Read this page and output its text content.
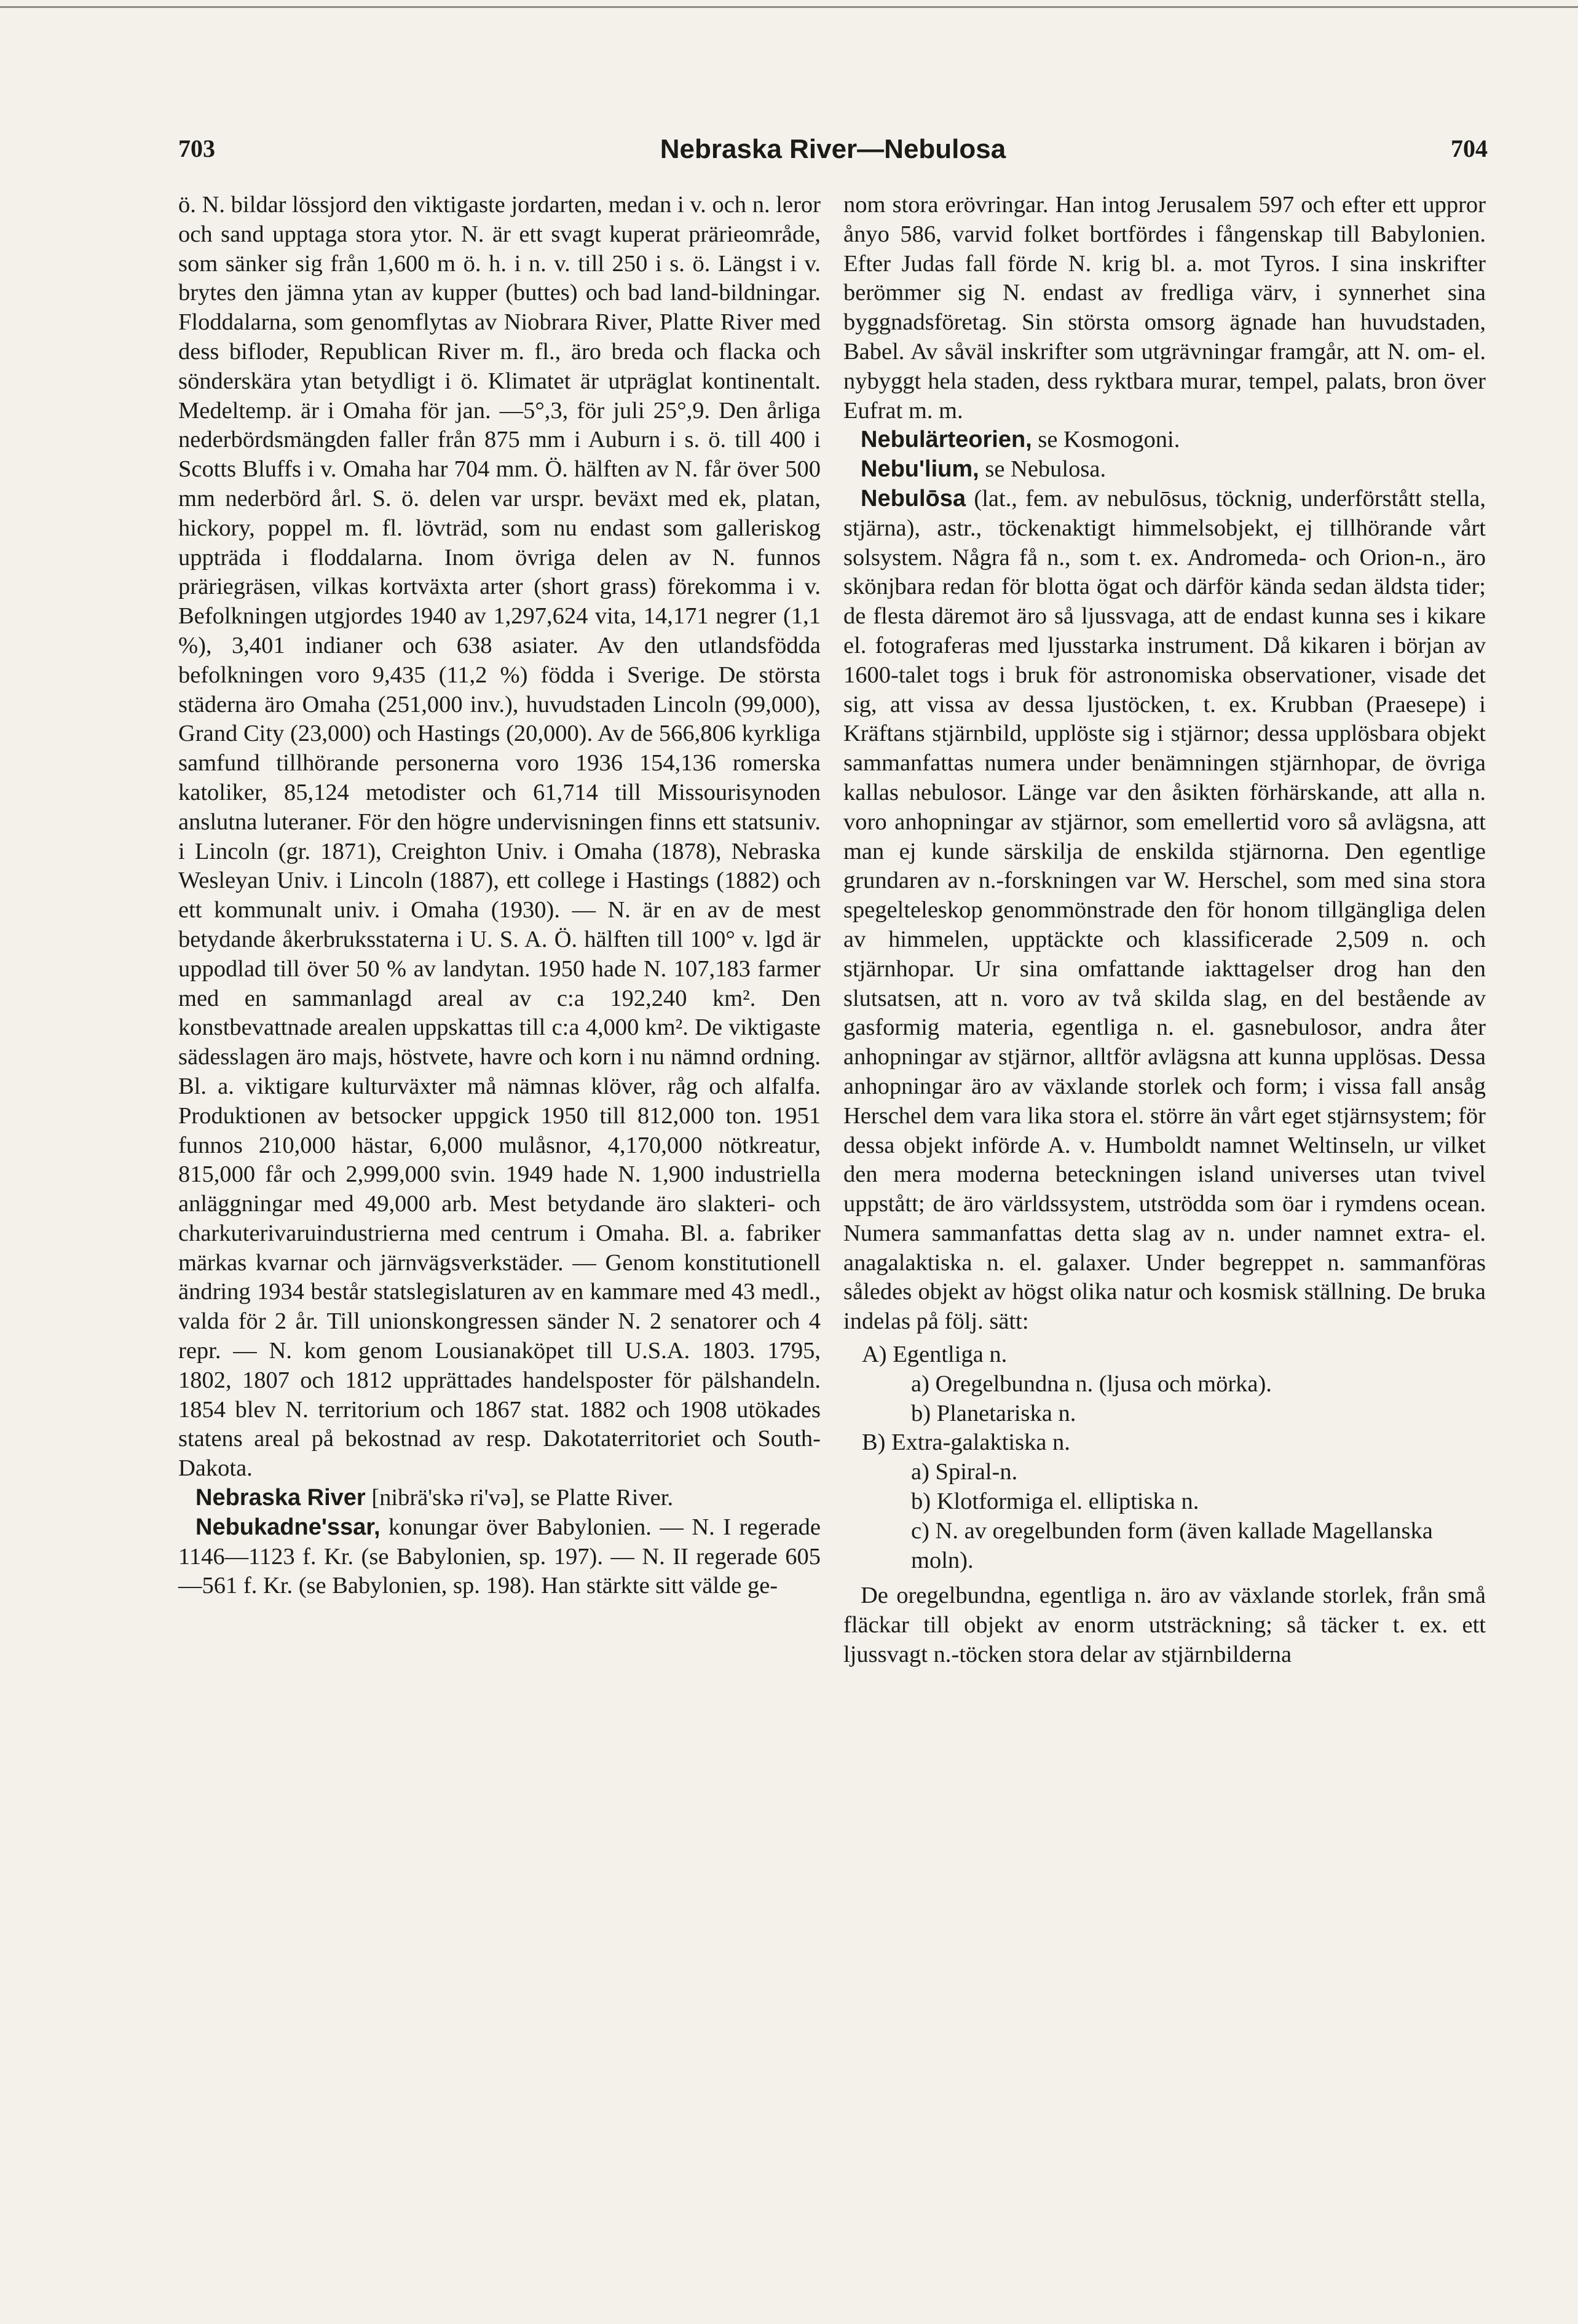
703	Nebraska River—Nebulosa	704

ö. N. bildar lössjord den viktigaste jordarten, medan i v. och n. leror och sand upptaga stora ytor. N. är ett svagt kuperat prärieområde, som sänker sig från 1,600 m ö. h. i n. v. till 250 i s. ö. Längst i v. brytes den jämna ytan av kupper (buttes) och bad land-bildningar. Floddalarna, som genomflytas av Niobrara River, Platte River med dess bifloder, Republican River m. fl., äro breda och flacka och sönderskära ytan betydligt i ö. Klimatet är utpräglat kontinentalt. Medeltemp. är i Omaha för jan. —5°,3, för juli 25°,9. Den årliga nederbördsmängden faller från 875 mm i Auburn i s. ö. till 400 i Scotts Bluffs i v. Omaha har 704 mm. Ö. hälften av N. får över 500 mm nederbörd årl. S. ö. delen var urspr. beväxt med ek, platan, hickory, poppel m. fl. lövträd, som nu endast som galleriskog uppträda i floddalarna. Inom övriga delen av N. funnos präriegräsen, vilkas kortväxta arter (short grass) förekomma i v. Befolkningen utgjordes 1940 av 1,297,624 vita, 14,171 negrer (1,1 %), 3,401 indianer och 638 asiater. Av den utlandsfödda befolkningen voro 9,435 (11,2 %) födda i Sverige. De största städerna äro Omaha (251,000 inv.), huvudstaden Lincoln (99,000), Grand City (23,000) och Hastings (20,000). Av de 566,806 kyrkliga samfund tillhörande personerna voro 1936 154,136 romerska katoliker, 85,124 metodister och 61,714 till Missourisynoden anslutna luteraner. För den högre undervisningen finns ett statsuniv. i Lincoln (gr. 1871), Creighton Univ. i Omaha (1878), Nebraska Wesleyan Univ. i Lincoln (1887), ett college i Hastings (1882) och ett kommunalt univ. i Omaha (1930). — N. är en av de mest betydande åkerbruksstaterna i U. S. A. Ö. hälften till 100° v. lgd är uppodlad till över 50 % av landytan. 1950 hade N. 107,183 farmer med en sammanlagd areal av c:a 192,240 km². Den konstbevattnade arealen uppskattas till c:a 4,000 km². De viktigaste sädesslagen äro majs, höstvete, havre och korn i nu nämnd ordning. Bl. a. viktigare kulturväxter må nämnas klöver, råg och alfalfa. Produktionen av betsocker uppgick 1950 till 812,000 ton. 1951 funnos 210,000 hästar, 6,000 mulåsnor, 4,170,000 nötkreatur, 815,000 får och 2,999,000 svin. 1949 hade N. 1,900 industriella anläggningar med 49,000 arb. Mest betydande äro slakteri- och charkuterivaruindustrierna med centrum i Omaha. Bl. a. fabriker märkas kvarnar och järnvägsverkstäder. — Genom konstitutionell ändring 1934 består statslegislaturen av en kammare med 43 medl., valda för 2 år. Till unionskongressen sänder N. 2 senatorer och 4 repr. — N. kom genom Lousianaköpet till U.S.A. 1803. 1795, 1802, 1807 och 1812 upprättades handelsposter för pälshandeln. 1854 blev N. territorium och 1867 stat. 1882 och 1908 utökades statens areal på bekostnad av resp. Dakotaterritoriet och South-Dakota.

Nebraska River [nibrä'skə ri'və], se Platte River.

Nebukadne'ssar, konungar över Babylonien. — N. I regerade 1146—1123 f. Kr. (se Babylonien, sp. 197). — N. II regerade 605—561 f. Kr. (se Babylonien, sp. 198). Han stärkte sitt välde ge-

nom stora erövringar. Han intog Jerusalem 597 och efter ett uppror ånyo 586, varvid folket bortfördes i fångenskap till Babylonien. Efter Judas fall förde N. krig bl. a. mot Tyros. I sina inskrifter berömmer sig N. endast av fredliga värv, i synnerhet sina byggnadsföretag. Sin största omsorg ägnade han huvudstaden, Babel. Av såväl inskrifter som utgrävningar framgår, att N. om- el. nybyggt hela staden, dess ryktbara murar, tempel, palats, bron över Eufrat m. m.

Nebulärteorien, se Kosmogoni.

Nebu'lium, se Nebulosa.

Nebulōsa (lat., fem. av nebulōsus, töcknig, underförstått stella, stjärna), astr., töckenaktigt himmelsobjekt, ej tillhörande vårt solsystem. Några få n., som t. ex. Andromeda- och Orion-n., äro skönjbara redan för blotta ögat och därför kända sedan äldsta tider; de flesta däremot äro så ljussvaga, att de endast kunna ses i kikare el. fotograferas med ljusstarka instrument. Då kikaren i början av 1600-talet togs i bruk för astronomiska observationer, visade det sig, att vissa av dessa ljustöcken, t. ex. Krubban (Praesepe) i Kräftans stjärnbild, upplöste sig i stjärnor; dessa upplösbara objekt sammanfattas numera under benämningen stjärnhopar, de övriga kallas nebulosor. Länge var den åsikten förhärskande, att alla n. voro anhopningar av stjärnor, som emellertid voro så avlägsna, att man ej kunde särskilja de enskilda stjärnorna. Den egentlige grundaren av n.-forskningen var W. Herschel, som med sina stora spegelteleskop genommönstrade den för honom tillgängliga delen av himmelen, upptäckte och klassificerade 2,509 n. och stjärnhopar. Ur sina omfattande iakttagelser drog han den slutsatsen, att n. voro av två skilda slag, en del bestående av gasformig materia, egentliga n. el. gasnebulosor, andra åter anhopningar av stjärnor, alltför avlägsna att kunna upplösas. Dessa anhopningar äro av växlande storlek och form; i vissa fall ansåg Herschel dem vara lika stora el. större än vårt eget stjärnsystem; för dessa objekt införde A. v. Humboldt namnet Weltinseln, ur vilket den mera moderna beteckningen island universes utan tvivel uppstått; de äro världssystem, utströdda som öar i rymdens ocean. Numera sammanfattas detta slag av n. under namnet extra- el. anagalaktiska n. el. galaxer. Under begreppet n. sammanföras således objekt av högst olika natur och kosmisk ställning. De bruka indelas på följ. sätt:

A) Egentliga n.
a) Oregelbundna n. (ljusa och mörka).
b) Planetariska n.
B) Extra-galaktiska n.
a) Spiral-n.
b) Klotformiga el. elliptiska n.
c) N. av oregelbunden form (även kallade Magellanska moln).

De oregelbundna, egentliga n. äro av växlande storlek, från små fläckar till objekt av enorm utsträckning; så täcker t. ex. ett ljussvagt n.-töcken stora delar av stjärnbilderna
